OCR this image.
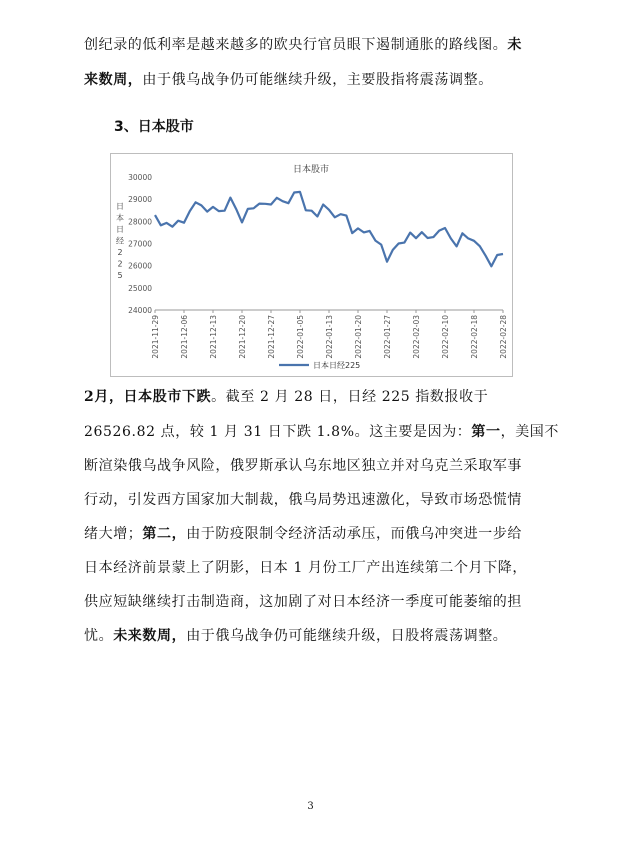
创纪录的低利率是越来越多的欧央行官员眼下遏制通胀的路线图。未
来数周，由于俄乌战争仍可能继续升级，主要股指将震荡调整。
3、日本股市
日本股市
日
本
日
经
2
2
5
24000
25000
26000
27000
28000
29000
30000
2021-11-29	2021-12-06	2021-12-13	2021-12-20	2021-12-27	2022-01-05	2022-01-13	2022-01-20	2022-01-27	2022-02-03	2022-02-10	2022-02-18	2022-02-28
日本日经225
2月，日本股市下跌。截至 2 月 28 日，日经 225 指数报收于
26526.82 点，较 1 月 31 日下跌 1.8%。这主要是因为：第一，美国不
断渲染俄乌战争风险，俄罗斯承认乌东地区独立并对乌克兰采取军事
行动，引发西方国家加大制裁，俄乌局势迅速激化，导致市场恐慌情
绪大增；第二，由于防疫限制令经济活动承压，而俄乌冲突进一步给
日本经济前景蒙上了阴影，日本 1 月份工厂产出连续第二个月下降，
供应短缺继续打击制造商，这加剧了对日本经济一季度可能萎缩的担
忧。未来数周，由于俄乌战争仍可能继续升级，日股将震荡调整。
3
